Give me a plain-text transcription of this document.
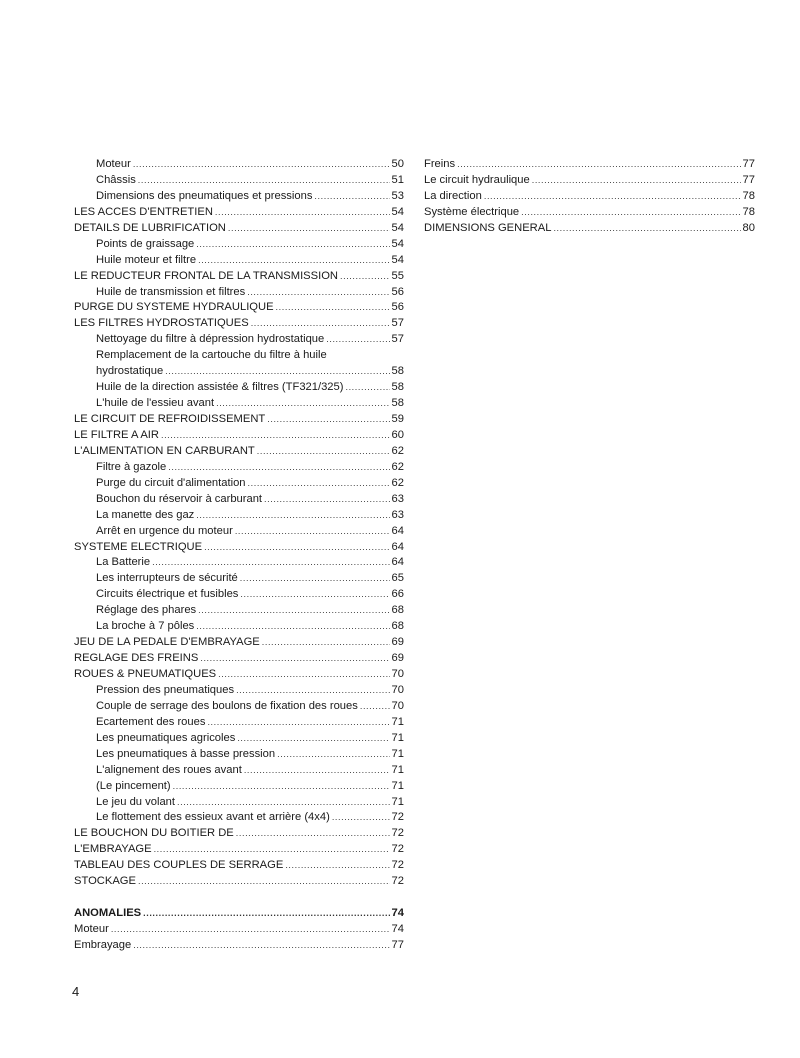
Moteur .....	50
Châssis .....	51
Dimensions des pneumatiques et pressions .....	53
LES ACCES D'ENTRETIEN .....	54
DETAILS DE LUBRIFICATION .....	54
Points de graissage .....	54
Huile moteur et filtre .....	54
LE REDUCTEUR FRONTAL DE LA TRANSMISSION .....	55
Huile de transmission et filtres .....	56
PURGE DU SYSTEME HYDRAULIQUE .....	56
LES FILTRES HYDROSTATIQUES .....	57
Nettoyage du filtre à dépression hydrostatique .....	57
Remplacement de la cartouche du filtre à huile
hydrostatique .....	58
Huile de la direction assistée & filtres (TF321/325) .....	58
L'huile de l'essieu avant .....	58
LE CIRCUIT DE REFROIDISSEMENT .....	59
LE FILTRE A AIR .....	60
L'ALIMENTATION EN CARBURANT .....	62
Filtre à gazole .....	62
Purge du circuit d'alimentation .....	62
Bouchon du réservoir à carburant .....	63
La manette des gaz .....	63
Arrêt en urgence du moteur .....	64
SYSTEME ELECTRIQUE .....	64
La Batterie .....	64
Les interrupteurs de sécurité .....	65
Circuits électrique et fusibles .....	66
Réglage des phares .....	68
La broche à 7 pôles .....	68
JEU DE LA PEDALE D'EMBRAYAGE .....	69
REGLAGE DES FREINS .....	69
ROUES & PNEUMATIQUES .....	70
Pression des pneumatiques .....	70
Couple de serrage des boulons de fixation des roues .....	70
Ecartement des roues .....	71
Les pneumatiques agricoles .....	71
Les pneumatiques à basse pression .....	71
L'alignement des roues avant .....	71
(Le pincement) .....	71
Le jeu du volant .....	71
Le flottement des essieux avant et arrière (4x4) .....	72
LE BOUCHON DU BOITIER DE .....	72
L'EMBRAYAGE .....	72
TABLEAU DES COUPLES DE SERRAGE .....	72
STOCKAGE .....	72
ANOMALIES .....	74
Moteur .....	74
Embrayage .....	77
Freins .....	77
Le circuit hydraulique .....	77
La direction .....	78
Système électrique .....	78
DIMENSIONS GENERAL .....	80
4
